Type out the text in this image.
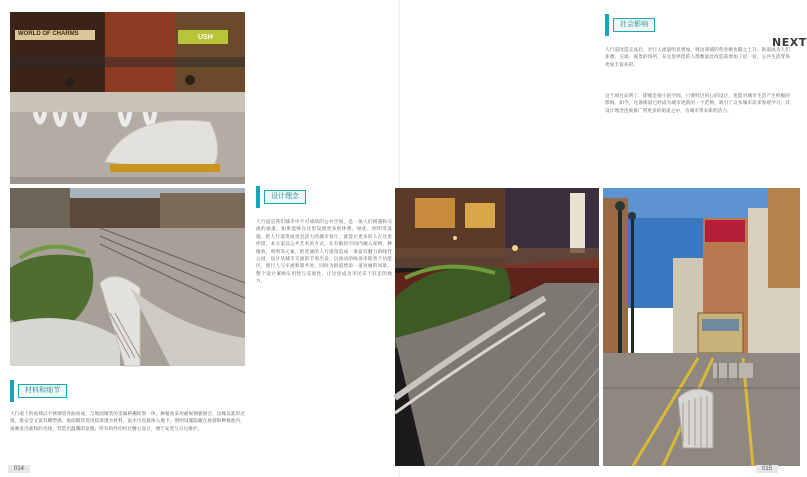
WORLD OF CHARMS	USH
设计理念
人行道是我们城市中不可或缺的公共空间，是一条人们相遇和交流的通道。如果能够在这里设置更多的休憩、绿化、照明等设施，把人行道变成更具活力的城市客厅，就能让更多的人在这里停留。本方案以公共艺术的方式，在有限的空间内融入座椅、种植池、照明等元素，把普通的人行道改造成一条富有魅力的线性公园。设计从城市交通的节奏出发，以流动的线条串联各个功能区，使行人与车流和谐共处，同时为街道增添一道亮丽的风景。整个设计兼顾实用性与美观性，让这里成为市民乐于驻足的地方。
材料和细节
人行道上的座椅以不锈钢管弯曲而成，与地面铺装的金属格栅浑然一体。种植池采用耐候钢板围合，边缘以弧形过渡，既安全又富有雕塑感。地面铺装选用防滑透水材料，雨水可直接渗入地下。照明设施隐藏在座椅和种植池内，夜晚发出柔和的光线，营造出温馨的氛围。所有构件均经过精心设计，便于安装与日后维护。
014
社会影响
NEXT
人行道改造完成后，步行人流量明显增加，周边商铺的营业额也随之上升。街道成为人们休憩、交谈、观景的场所，在这里停留的人群数量比改造前增加了近一倍，公共生活变得更加丰富多彩。
这个项目证明了，即使是很小的空间，只要经过用心的设计，也能对城市生活产生积极的影响。如今，这条街道已经成为城市更新的一个范例，吸引了众多城市前来参观学习，其设计理念也被推广到更多的街道之中，为城市带来新的活力。
015
